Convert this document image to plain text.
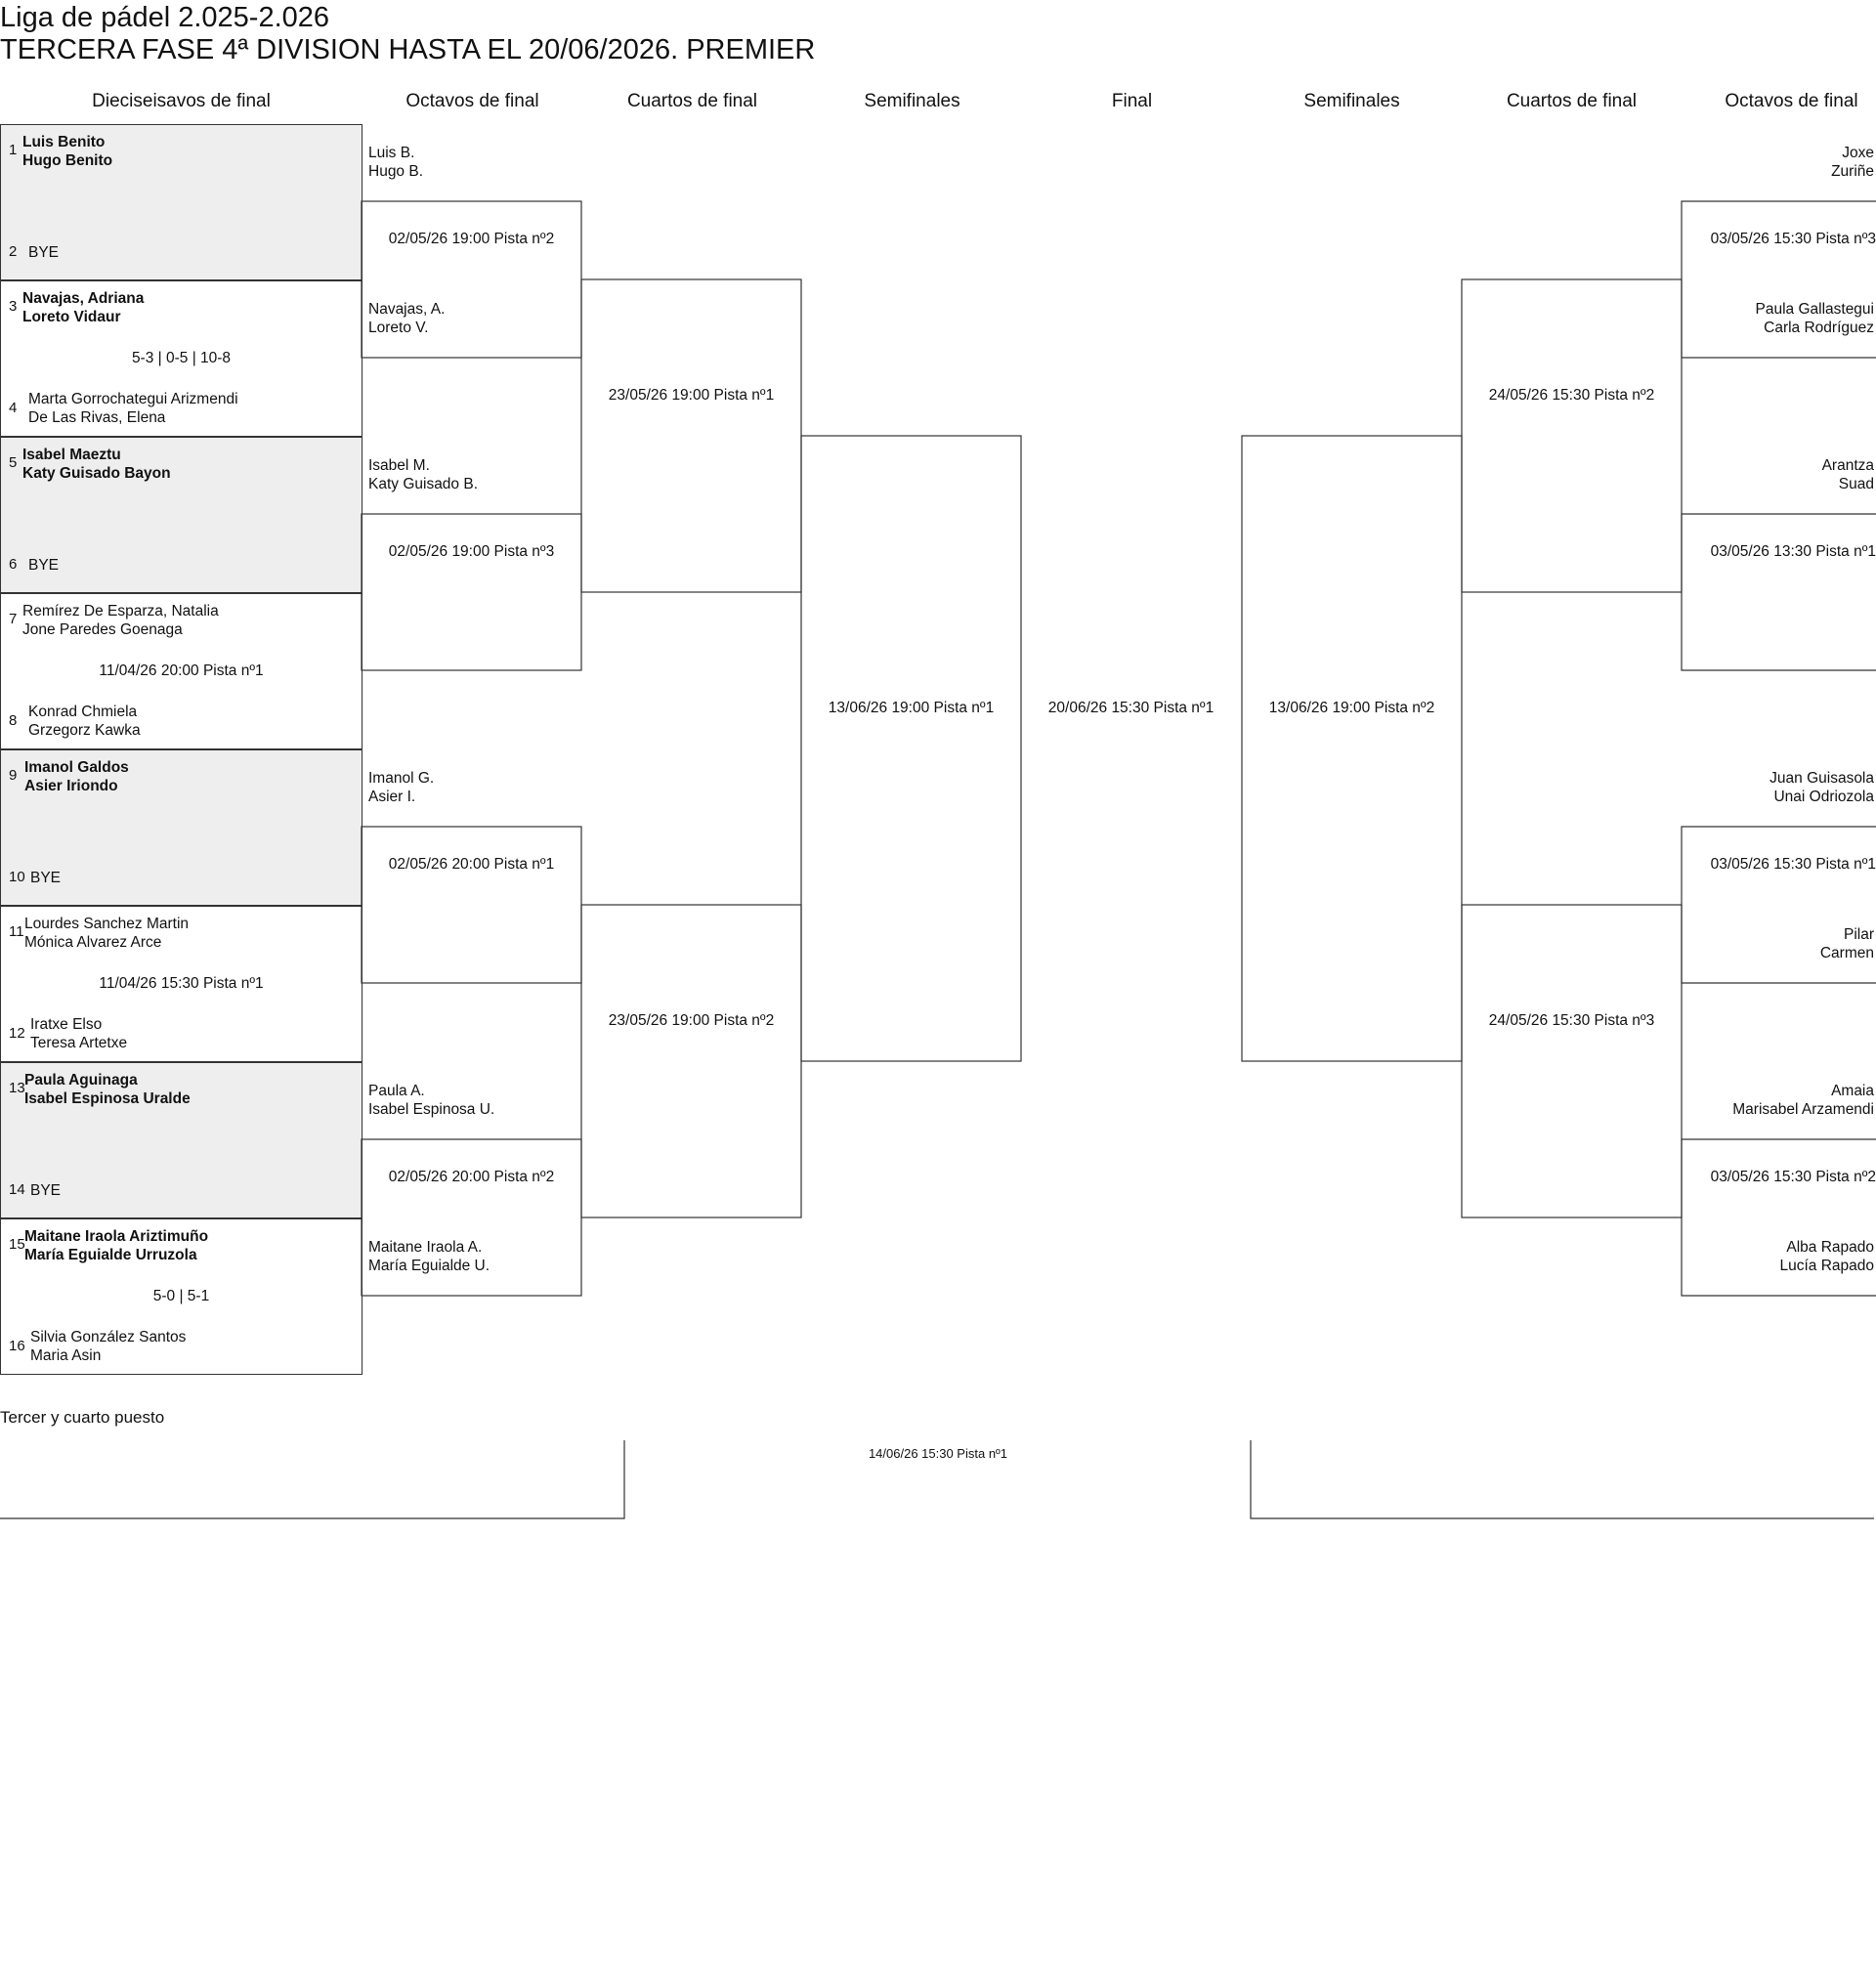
Liga de pádel 2.025-2.026
TERCERA FASE 4ª DIVISION HASTA EL 20/06/2026. PREMIER
Dieciseisavos de final	Octavos de final	Cuartos de final	Semifinales	Final	Semifinales	Cuartos de final	Octavos de final
1 Luis Benito
Hugo Benito
2 BYE
3 Navajas, Adriana
Loreto Vidaur
5-3 | 0-5 | 10-8
4
Marta Gorrochategui Arizmendi
De Las Rivas, Elena
5 Isabel Maeztu
Katy Guisado Bayon
6 BYE
7 Remírez De Esparza, Natalia
Jone Paredes Goenaga
11/04/26 20:00 Pista nº1
8
Konrad Chmiela
Grzegorz Kawka
9 Imanol Galdos
Asier Iriondo
10 BYE
11 Lourdes Sanchez Martin
Mónica Alvarez Arce
11/04/26 15:30 Pista nº1
12
Iratxe Elso
Teresa Artetxe
13 Paula Aguinaga
Isabel Espinosa Uralde
14 BYE
15 Maitane Iraola Ariztimuño
María Eguialde Urruzola
5-0 | 5-1
16
Silvia González Santos
Maria Asin
Luis B.
Hugo B.
Navajas, A.
Loreto V.
Isabel M.
Katy Guisado B.
Imanol G.
Asier I.
Paula A.
Isabel Espinosa U.
Maitane Iraola A.
María Eguialde U.
02/05/26 19:00 Pista nº2
02/05/26 19:00 Pista nº3
02/05/26 20:00 Pista nº1
02/05/26 20:00 Pista nº2
23/05/26 19:00 Pista nº1
23/05/26 19:00 Pista nº2
13/06/26 19:00 Pista nº1	20/06/26 15:30 Pista nº1	13/06/26 19:00 Pista nº2
24/05/26 15:30 Pista nº2
24/05/26 15:30 Pista nº3
Joxe
Zuriñe
Paula Gallastegui
Carla Rodríguez
Arantza
Suad
Juan Guisasola
Unai Odriozola
Pilar
Carmen
Amaia
Marisabel Arzamendi
Alba Rapado
Lucía Rapado
03/05/26 15:30 Pista nº3
03/05/26 13:30 Pista nº1
03/05/26 15:30 Pista nº1
03/05/26 15:30 Pista nº2
Tercer y cuarto puesto
14/06/26 15:30 Pista nº1
